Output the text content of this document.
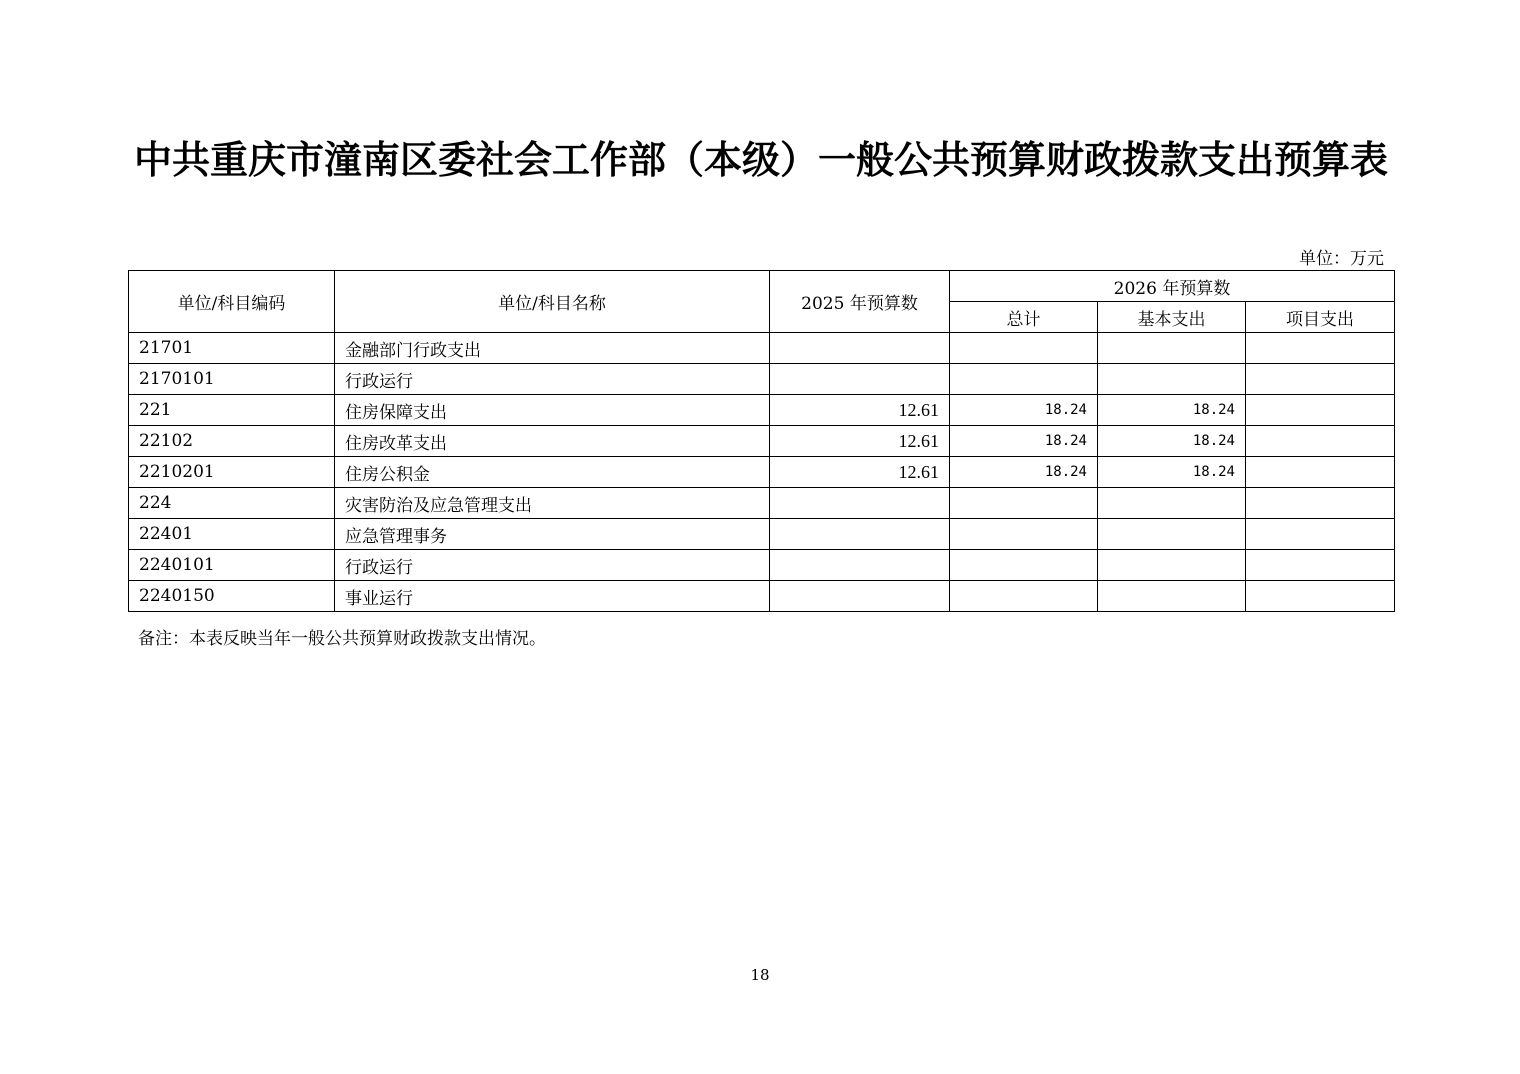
中共重庆市潼南区委社会工作部（本级）一般公共预算财政拨款支出预算表
单位：万元
单位/科目编码	单位/科目名称	2025 年预算数	2026 年预算数		
			总计	基本支出	项目支出
21701	金融部门行政支出				
2170101	行政运行				
221	住房保障支出	12.61	18.24	18.24	
22102	住房改革支出	12.61	18.24	18.24	
2210201	住房公积金	12.61	18.24	18.24	
224	灾害防治及应急管理支出				
22401	应急管理事务				
2240101	行政运行				
2240150	事业运行				
备注：本表反映当年一般公共预算财政拨款支出情况。
18
